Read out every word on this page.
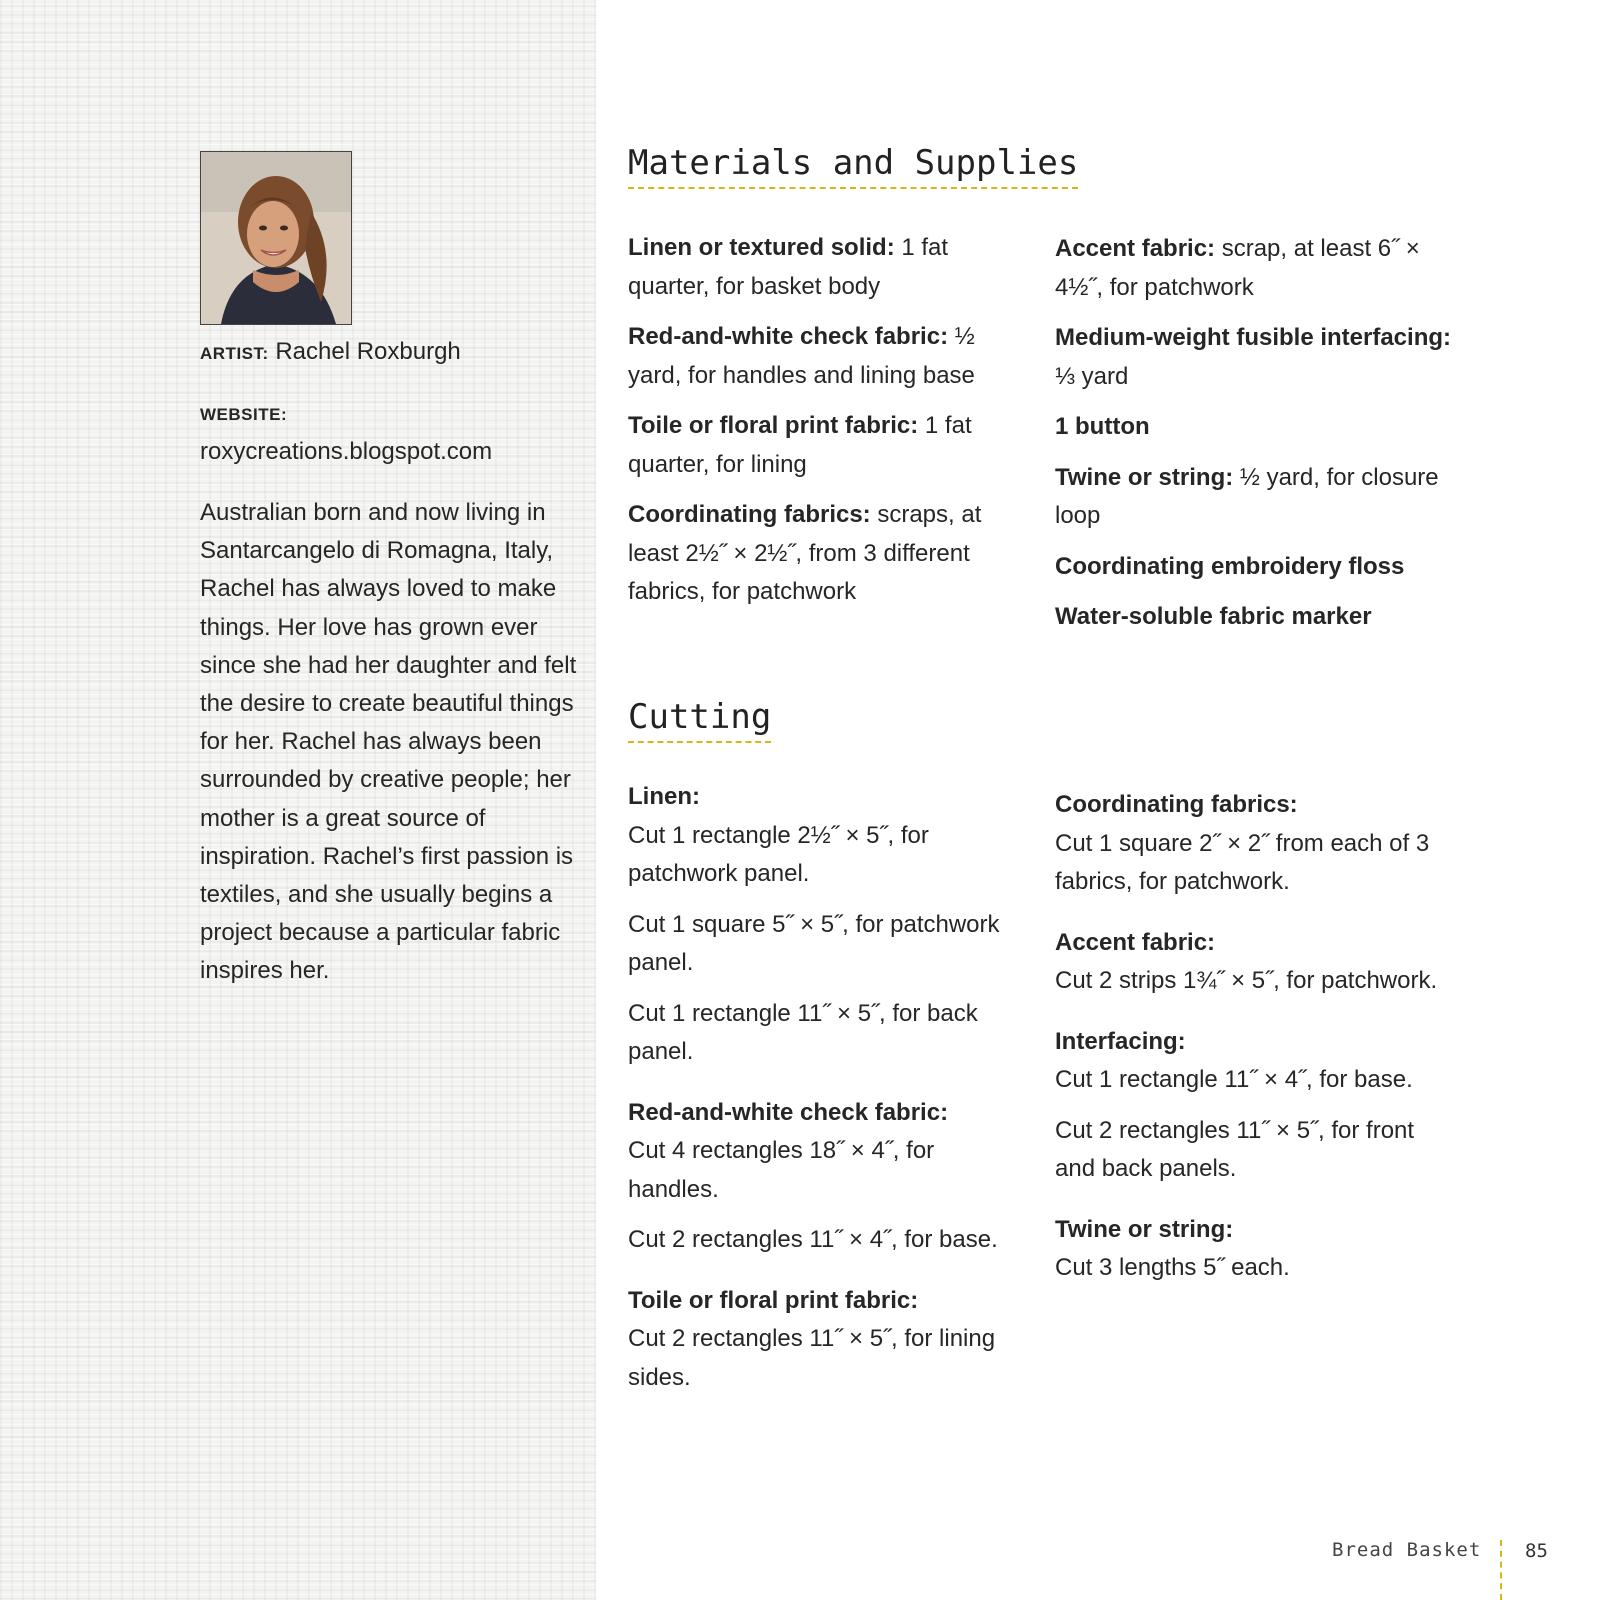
ARTIST: Rachel Roxburgh
WEBSITE:
roxycreations.blogspot.com
Australian born and now living in Santarcangelo di Romagna, Italy, Rachel has always loved to make things. Her love has grown ever since she had her daughter and felt the desire to create beautiful things for her. Rachel has always been surrounded by creative people; her mother is a great source of inspiration. Rachel’s first passion is textiles, and she usually begins a project because a particular fabric inspires her.
Materials and Supplies

Linen or textured solid: 1 fat quarter, for basket body

Red-and-white check fabric: ½ yard, for handles and lining base

Toile or floral print fabric: 1 fat quarter, for lining

Coordinating fabrics: scraps, at least 2½˝ × 2½˝, from 3 different fabrics, for patchwork

Accent fabric: scrap, at least 6˝ × 4½˝, for patchwork

Medium-weight fusible interfacing: ⅓ yard

1 button

Twine or string: ½ yard, for closure loop

Coordinating embroidery floss

Water-soluble fabric marker

Cutting
Linen:
Cut 1 rectangle 2½˝ × 5˝, for patchwork panel.
Cut 1 square 5˝ × 5˝, for patchwork panel.
Cut 1 rectangle 11˝ × 5˝, for back panel.
Red-and-white check fabric:
Cut 4 rectangles 18˝ × 4˝, for handles.
Cut 2 rectangles 11˝ × 4˝, for base.
Toile or floral print fabric:
Cut 2 rectangles 11˝ × 5˝, for lining sides.
Coordinating fabrics:
Cut 1 square 2˝ × 2˝ from each of 3 fabrics, for patchwork.
Accent fabric:
Cut 2 strips 1¾˝ × 5˝, for patchwork.
Interfacing:
Cut 1 rectangle 11˝ × 4˝, for base.
Cut 2 rectangles 11˝ × 5˝, for front and back panels.
Twine or string:
Cut 3 lengths 5˝ each.
Bread Basket 85
